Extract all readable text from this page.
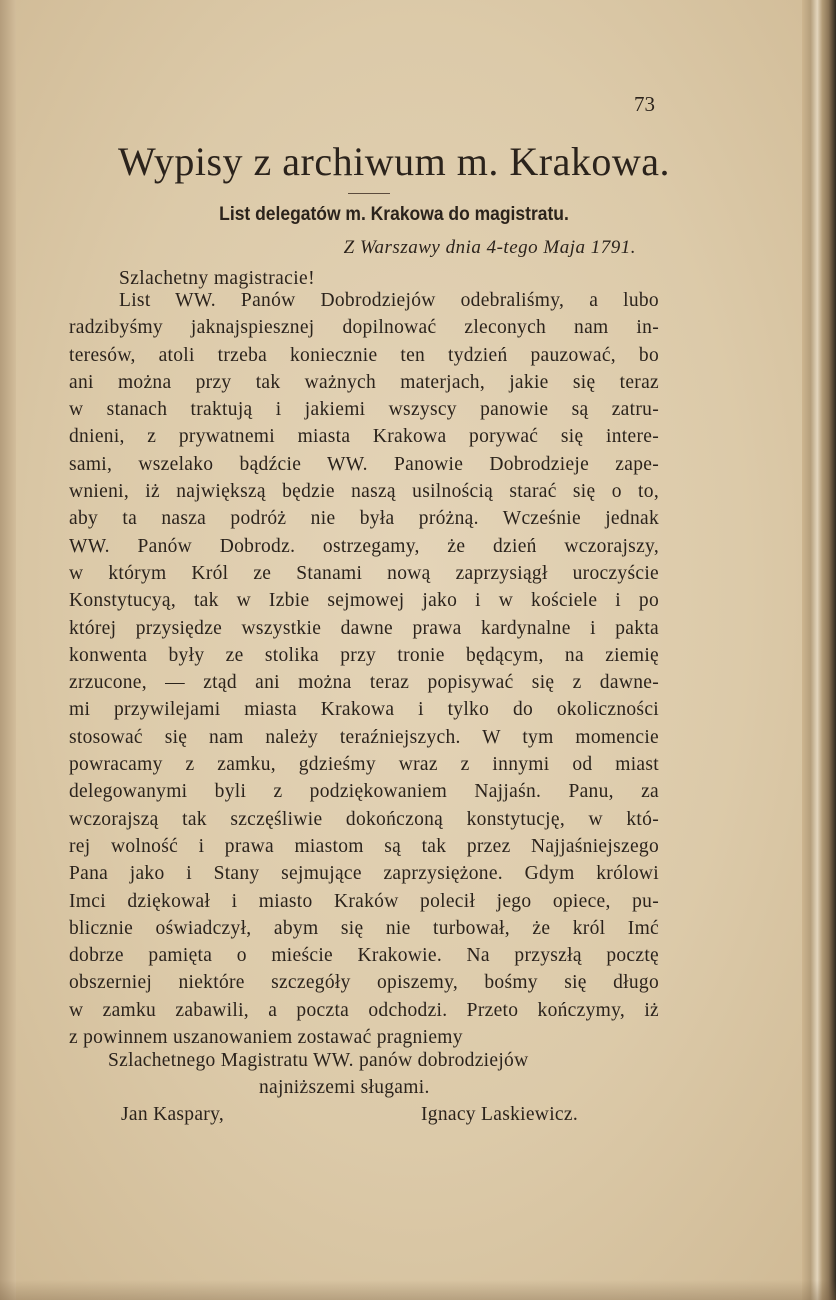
73
Wypisy z archiwum m. Krakowa.
List delegatów m. Krakowa do magistratu.
Z Warszawy dnia 4-tego Maja 1791.
Szlachetny magistracie!
List WW. Panów Dobrodziejów odebraliśmy, a lubo
radzibyśmy jaknajspiesznej dopilnować zleconych nam in-
teresów, atoli trzeba koniecznie ten tydzień pauzować, bo
ani można przy tak ważnych materjach, jakie się teraz
w stanach traktują i jakiemi wszyscy panowie są zatru-
dnieni, z prywatnemi miasta Krakowa porywać się intere-
sami, wszelako bądźcie WW. Panowie Dobrodzieje zape-
wnieni, iż największą będzie naszą usilnością starać się o to,
aby ta nasza podróż nie była próżną. Wcześnie jednak
WW. Panów Dobrodz. ostrzegamy, że dzień wczorajszy,
w którym Król ze Stanami nową zaprzysiągł uroczyście
Konstytucyą, tak w Izbie sejmowej jako i w kościele i po
której przysiędze wszystkie dawne prawa kardynalne i pakta
konwenta były ze stolika przy tronie będącym, na ziemię
zrzucone, — ztąd ani można teraz popisywać się z dawne-
mi przywilejami miasta Krakowa i tylko do okoliczności
stosować się nam należy teraźniejszych. W tym momencie
powracamy z zamku, gdzieśmy wraz z innymi od miast
delegowanymi byli z podziękowaniem Najjaśn. Panu, za
wczorajszą tak szczęśliwie dokończoną konstytucję, w któ-
rej wolność i prawa miastom są tak przez Najjaśniejszego
Pana jako i Stany sejmujące zaprzysiężone. Gdym królowi
Imci dziękował i miasto Kraków polecił jego opiece, pu-
blicznie oświadczył, abym się nie turbował, że król Imć
dobrze pamięta o mieście Krakowie. Na przyszłą pocztę
obszerniej niektóre szczegóły opiszemy, bośmy się długo
w zamku zabawili, a poczta odchodzi. Przeto kończymy, iż
z powinnem uszanowaniem zostawać pragniemy
Szlachetnego Magistratu WW. panów dobrodziejów
najniższemi sługami.
Jan Kaspary,	Ignacy Laskiewicz.
